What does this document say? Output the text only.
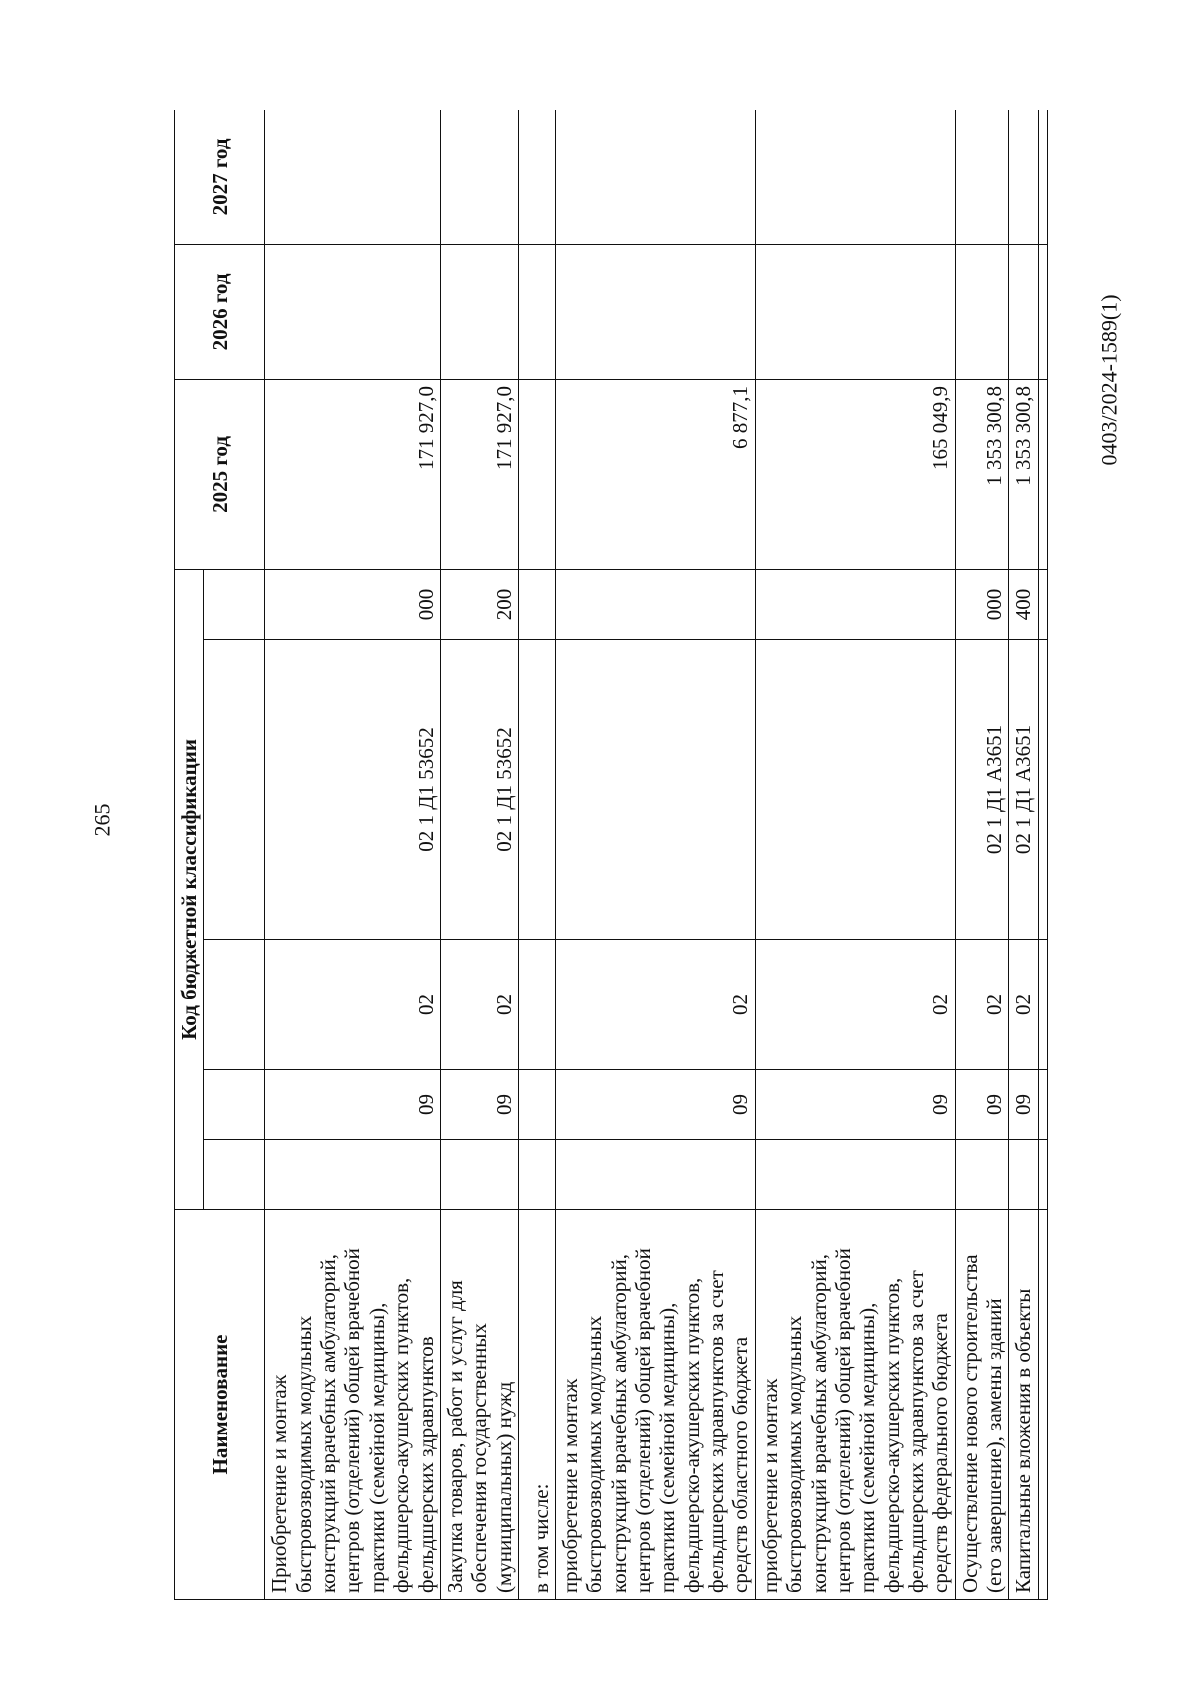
265
0403/2024-1589(1)
Наименование	Код бюджетной классификации					2025 год	2026 год	2027 год

Приобретение и монтаж быстровозводимых модульных конструкций врачебных амбулаторий, центров (отделений) общей врачебной практики (семейной медицины), фельдшерско-акушерских пунктов, фельдшерских здравпунктов		09	02	02 1 Д1 53652	000	171 927,0		
Закупка товаров, работ и услуг для обеспечения государственных (муниципальных) нужд		09	02	02 1 Д1 53652	200	171 927,0		
в том числе:								
приобретение и монтаж быстровозводимых модульных конструкций врачебных амбулаторий, центров (отделений) общей врачебной практики (семейной медицины), фельдшерско-акушерских пунктов, фельдшерских здравпунктов за счет средств областного бюджета		09	02			6 877,1		
приобретение и монтаж быстровозводимых модульных конструкций врачебных амбулаторий, центров (отделений) общей врачебной практики (семейной медицины), фельдшерско-акушерских пунктов, фельдшерских здравпунктов за счет средств федерального бюджета		09	02			165 049,9		
Осуществление нового строительства (его завершение), замены зданий		09	02	02 1 Д1 А3651	000	1 353 300,8		
Капитальные вложения в объекты		09	02	02 1 Д1 А3651	400	1 353 300,8		
